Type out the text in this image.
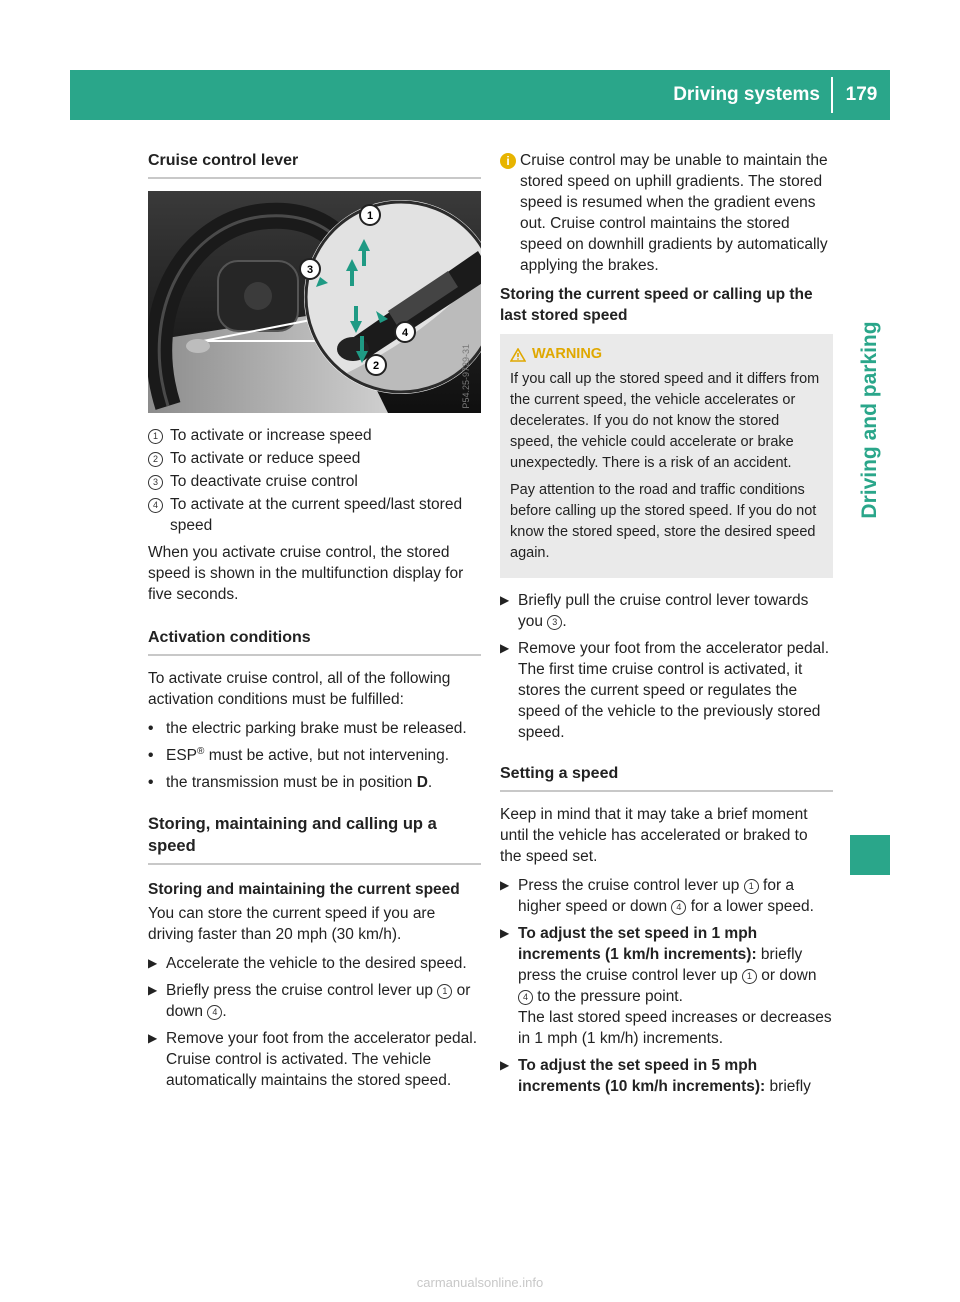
Driving systems	179
Driving and parking
Cruise control lever
1
2
3
4
P54.25-9729-31
1 To activate or increase speed
2 To activate or reduce speed
3 To deactivate cruise control
4 To activate at the current speed/last stored speed

When you activate cruise control, the stored speed is shown in the multifunction display for five seconds.

Activation conditions

To activate cruise control, all of the following activation conditions must be fulfilled:

• the electric parking brake must be released.
• ESP® must be active, but not intervening.
• the transmission must be in position D.
Storing, maintaining and calling up a speed
Storing and maintaining the current speed

You can store the current speed if you are driving faster than 20 mph (30 km/h).

▶ Accelerate the vehicle to the desired speed.
▶ Briefly press the cruise control lever up 1 or down 4 .
▶ Remove your foot from the accelerator pedal.
Cruise control is activated. The vehicle automatically maintains the stored speed.
i Cruise control may be unable to maintain the stored speed on uphill gradients. The stored speed is resumed when the gradient evens out. Cruise control maintains the stored speed on downhill gradients by automatically applying the brakes.
Storing the current speed or calling up the last stored speed
WARNING

If you call up the stored speed and it differs from the current speed, the vehicle accelerates or decelerates. If you do not know the stored speed, the vehicle could accelerate or brake unexpectedly. There is a risk of an accident.

Pay attention to the road and traffic conditions before calling up the stored speed. If you do not know the stored speed, store the desired speed again.

▶ Briefly pull the cruise control lever towards you 3 .
▶ Remove your foot from the accelerator pedal.
The first time cruise control is activated, it stores the current speed or regulates the speed of the vehicle to the previously stored speed.
Setting a speed

Keep in mind that it may take a brief moment until the vehicle has accelerated or braked to the speed set.

▶ Press the cruise control lever up 1 for a higher speed or down 4 for a lower speed.
▶ To adjust the set speed in 1 mph increments (1 km/h increments): briefly press the cruise control lever up 1 or down 4 to the pressure point.
The last stored speed increases or decreases in 1 mph (1 km/h) increments.
▶ To adjust the set speed in 5 mph increments (10 km/h increments): briefly
carmanualsonline.info
